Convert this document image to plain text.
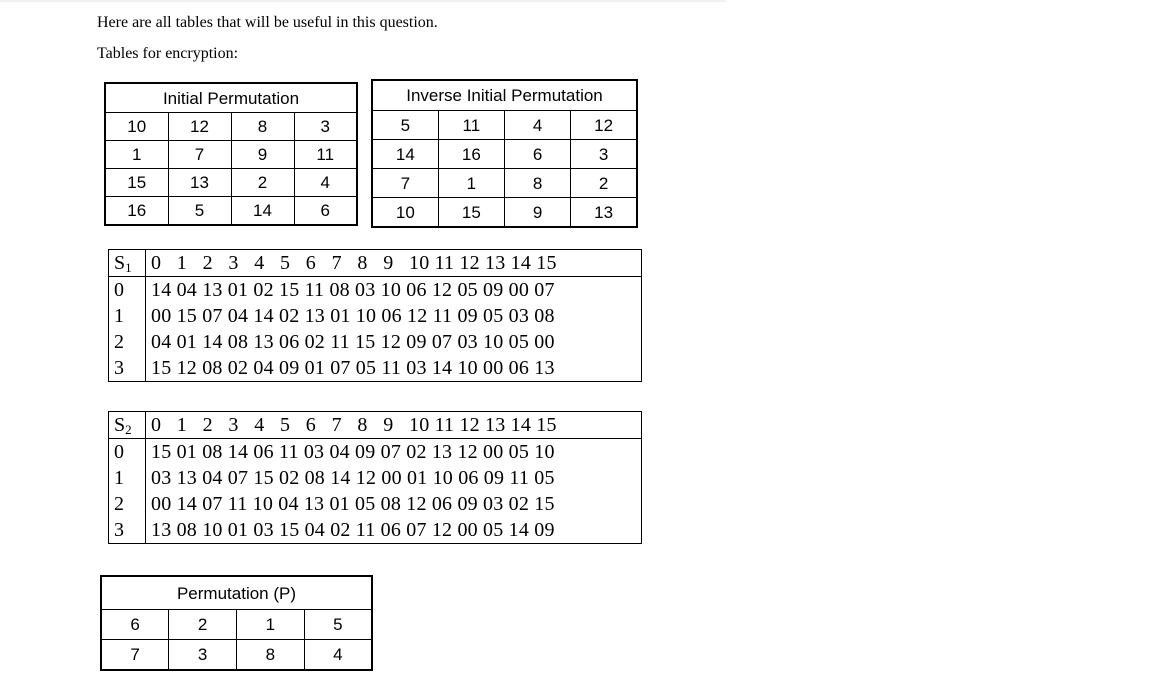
Here are all tables that will be useful in this question.

Tables for encryption:

Initial Permutation			
10	12	8	3
1	7	9	11
15	13	2	4
16	5	14	6
Inverse Initial Permutation			
5	11	4	12
14	16	6	3
7	1	8	2
10	15	9	13
$S_1$	0   1   2   3   4   5   6   7   8   9   10 11 12 13 14 15
0	14 04 13 01 02 15 11 08 03 10 06 12 05 09 00 07
1	00 15 07 04 14 02 13 01 10 06 12 11 09 05 03 08
2	04 01 14 08 13 06 02 11 15 12 09 07 03 10 05 00
3	15 12 08 02 04 09 01 07 05 11 03 14 10 00 06 13
$S_2$	0   1   2   3   4   5   6   7   8   9   10 11 12 13 14 15
0	15 01 08 14 06 11 03 04 09 07 02 13 12 00 05 10
1	03 13 04 07 15 02 08 14 12 00 01 10 06 09 11 05
2	00 14 07 11 10 04 13 01 05 08 12 06 09 03 02 15
3	13 08 10 01 03 15 04 02 11 06 07 12 00 05 14 09
Permutation (P)			
6	2	1	5
7	3	8	4
